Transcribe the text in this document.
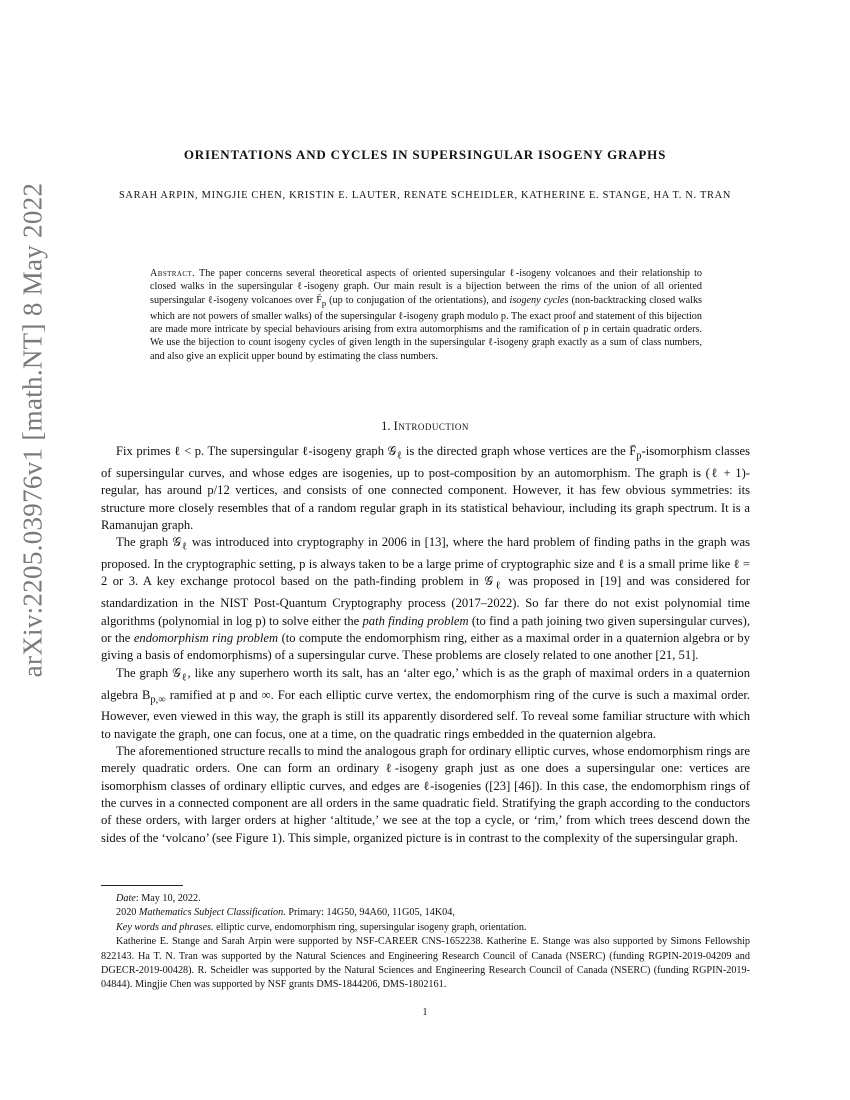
arXiv:2205.03976v1 [math.NT] 8 May 2022
ORIENTATIONS AND CYCLES IN SUPERSINGULAR ISOGENY GRAPHS
SARAH ARPIN, MINGJIE CHEN, KRISTIN E. LAUTER, RENATE SCHEIDLER, KATHERINE E. STANGE, HA T. N. TRAN
Abstract. The paper concerns several theoretical aspects of oriented supersingular ℓ-isogeny volcanoes and their relationship to closed walks in the supersingular ℓ-isogeny graph. Our main result is a bijection between the rims of the union of all oriented supersingular ℓ-isogeny volcanoes over $F̄_p$ (up to conjugation of the orientations), and isogeny cycles (non-backtracking closed walks which are not powers of smaller walks) of the supersingular ℓ-isogeny graph modulo p. The exact proof and statement of this bijection are made more intricate by special behaviours arising from extra automorphisms and the ramification of p in certain quadratic orders. We use the bijection to count isogeny cycles of given length in the supersingular ℓ-isogeny graph exactly as a sum of class numbers, and also give an explicit upper bound by estimating the class numbers.
1. Introduction

Fix primes ℓ < p. The supersingular ℓ-isogeny graph 𝒢$_\ell$ is the directed graph whose vertices are the $F̄_p$-isomorphism classes of supersingular curves, and whose edges are isogenies, up to post-composition by an automorphism. The graph is (ℓ + 1)-regular, has around p/12 vertices, and consists of one connected component. However, it has few obvious symmetries: its structure more closely resembles that of a random regular graph in its statistical behaviour, including its graph spectrum. It is a Ramanujan graph.

The graph 𝒢$_\ell$ was introduced into cryptography in 2006 in [13], where the hard problem of finding paths in the graph was proposed. In the cryptographic setting, p is always taken to be a large prime of cryptographic size and ℓ is a small prime like ℓ = 2 or 3. A key exchange protocol based on the path-finding problem in 𝒢$_\ell$ was proposed in [19] and was considered for standardization in the NIST Post-Quantum Cryptography process (2017–2022). So far there do not exist polynomial time algorithms (polynomial in log p) to solve either the path finding problem (to find a path joining two given supersingular curves), or the endomorphism ring problem (to compute the endomorphism ring, either as a maximal order in a quaternion algebra or by giving a basis of endomorphisms) of a supersingular curve. These problems are closely related to one another [21, 51].

The graph 𝒢$_\ell$, like any superhero worth its salt, has an ‘alter ego,’ which is as the graph of maximal orders in a quaternion algebra $B_{p,\infty}$ ramified at p and ∞. For each elliptic curve vertex, the endomorphism ring of the curve is such a maximal order. However, even viewed in this way, the graph is still its apparently disordered self. To reveal some familiar structure with which to navigate the graph, one can focus, one at a time, on the quadratic rings embedded in the quaternion algebra.

The aforementioned structure recalls to mind the analogous graph for ordinary elliptic curves, whose endomorphism rings are merely quadratic orders. One can form an ordinary ℓ-isogeny graph just as one does a supersingular one: vertices are isomorphism classes of ordinary elliptic curves, and edges are ℓ-isogenies ([23] [46]). In this case, the endomorphism rings of the curves in a connected component are all orders in the same quadratic field. Stratifying the graph according to the conductors of these orders, with larger orders at higher ‘altitude,’ we see at the top a cycle, or ‘rim,’ from which trees descend down the sides of the ‘volcano’ (see Figure 1). This simple, organized picture is in contrast to the complexity of the supersingular graph.

Date: May 10, 2022.

2020 Mathematics Subject Classification. Primary: 14G50, 94A60, 11G05, 14K04,

Key words and phrases. elliptic curve, endomorphism ring, supersingular isogeny graph, orientation.

Katherine E. Stange and Sarah Arpin were supported by NSF-CAREER CNS-1652238. Katherine E. Stange was also supported by Simons Fellowship 822143. Ha T. N. Tran was supported by the Natural Sciences and Engineering Research Council of Canada (NSERC) (funding RGPIN-2019-04209 and DGECR-2019-00428). R. Scheidler was supported by the Natural Sciences and Engineering Research Council of Canada (NSERC) (funding RGPIN-2019-04844). Mingjie Chen was supported by NSF grants DMS-1844206, DMS-1802161.

1
